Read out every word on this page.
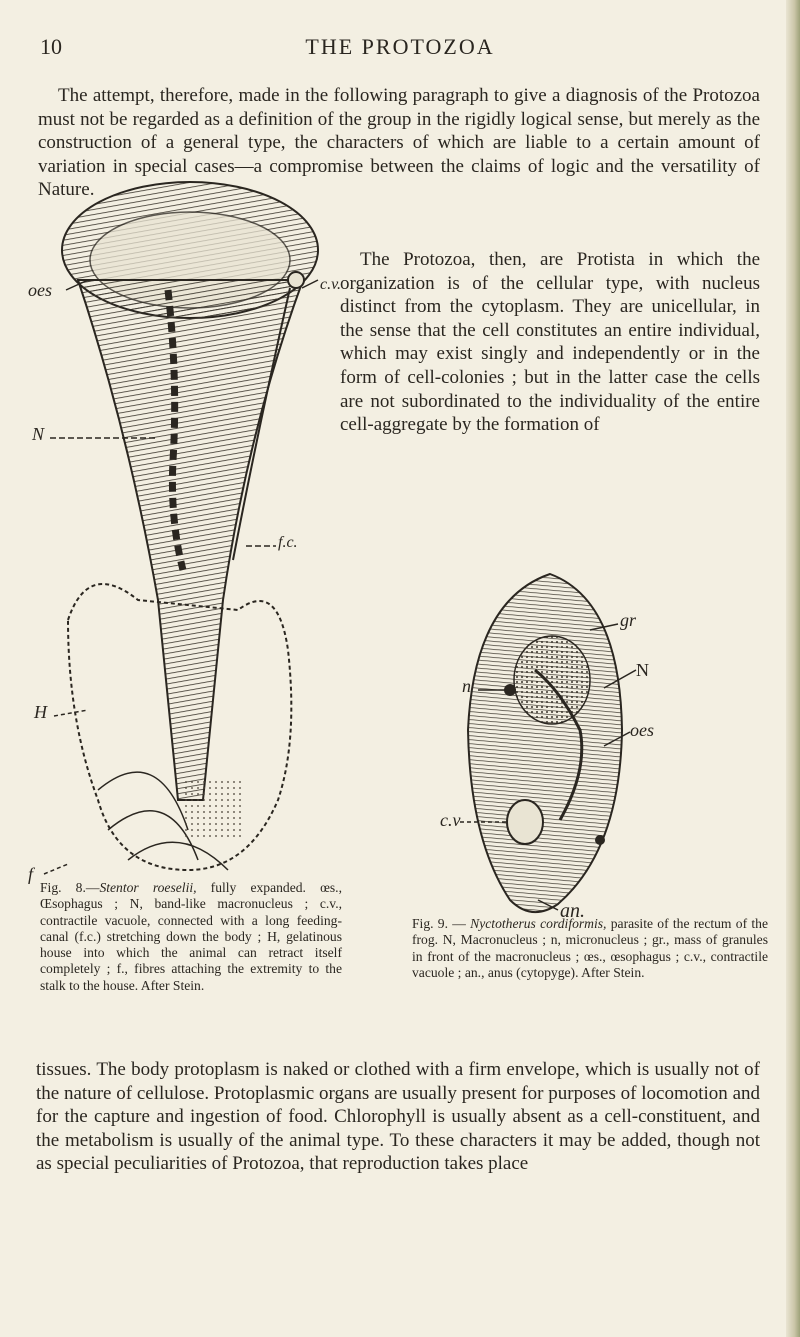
10	THE PROTOZOA

The attempt, therefore, made in the following paragraph to give a diagnosis of the Protozoa must not be regarded as a definition of the group in the rigidly logical sense, but merely as the construction of a general type, the characters of which are liable to a certain amount of variation in special cases—a compromise between the claims of logic and the versatility of Nature.

The Protozoa, then, are Protista in which the organization is of the cellular type, with nucleus distinct from the cytoplasm. They are unicellular, in the sense that the cell constitutes an entire individual, which may exist singly and independently or in the form of cell-colonies ; but in the latter case the cells are not subordinated to the individuality of the entire cell-aggregate by the formation of

oes	c.v.
N
f.c.
H
f

Fig. 8.—Stentor roeselii, fully expanded. œs., Œsophagus ; N, band-like macronucleus ; c.v., contractile vacuole, connected with a long feeding-canal (f.c.) stretching down the body ; H, gelatinous house into which the animal can retract itself completely ; f., fibres attaching the extremity to the stalk to the house. After Stein.

gr
N
n
oes
c.v
an.

Fig. 9. — Nyctotherus cordiformis, parasite of the rectum of the frog. N, Macronucleus ; n, micronucleus ; gr., mass of granules in front of the macronucleus ; œs., œsophagus ; c.v., contractile vacuole ; an., anus (cytopyge). After Stein.

tissues. The body protoplasm is naked or clothed with a firm envelope, which is usually not of the nature of cellulose. Protoplasmic organs are usually present for purposes of locomotion and for the capture and ingestion of food. Chlorophyll is usually absent as a cell-constituent, and the metabolism is usually of the animal type. To these characters it may be added, though not as special peculiarities of Protozoa, that reproduction takes place
